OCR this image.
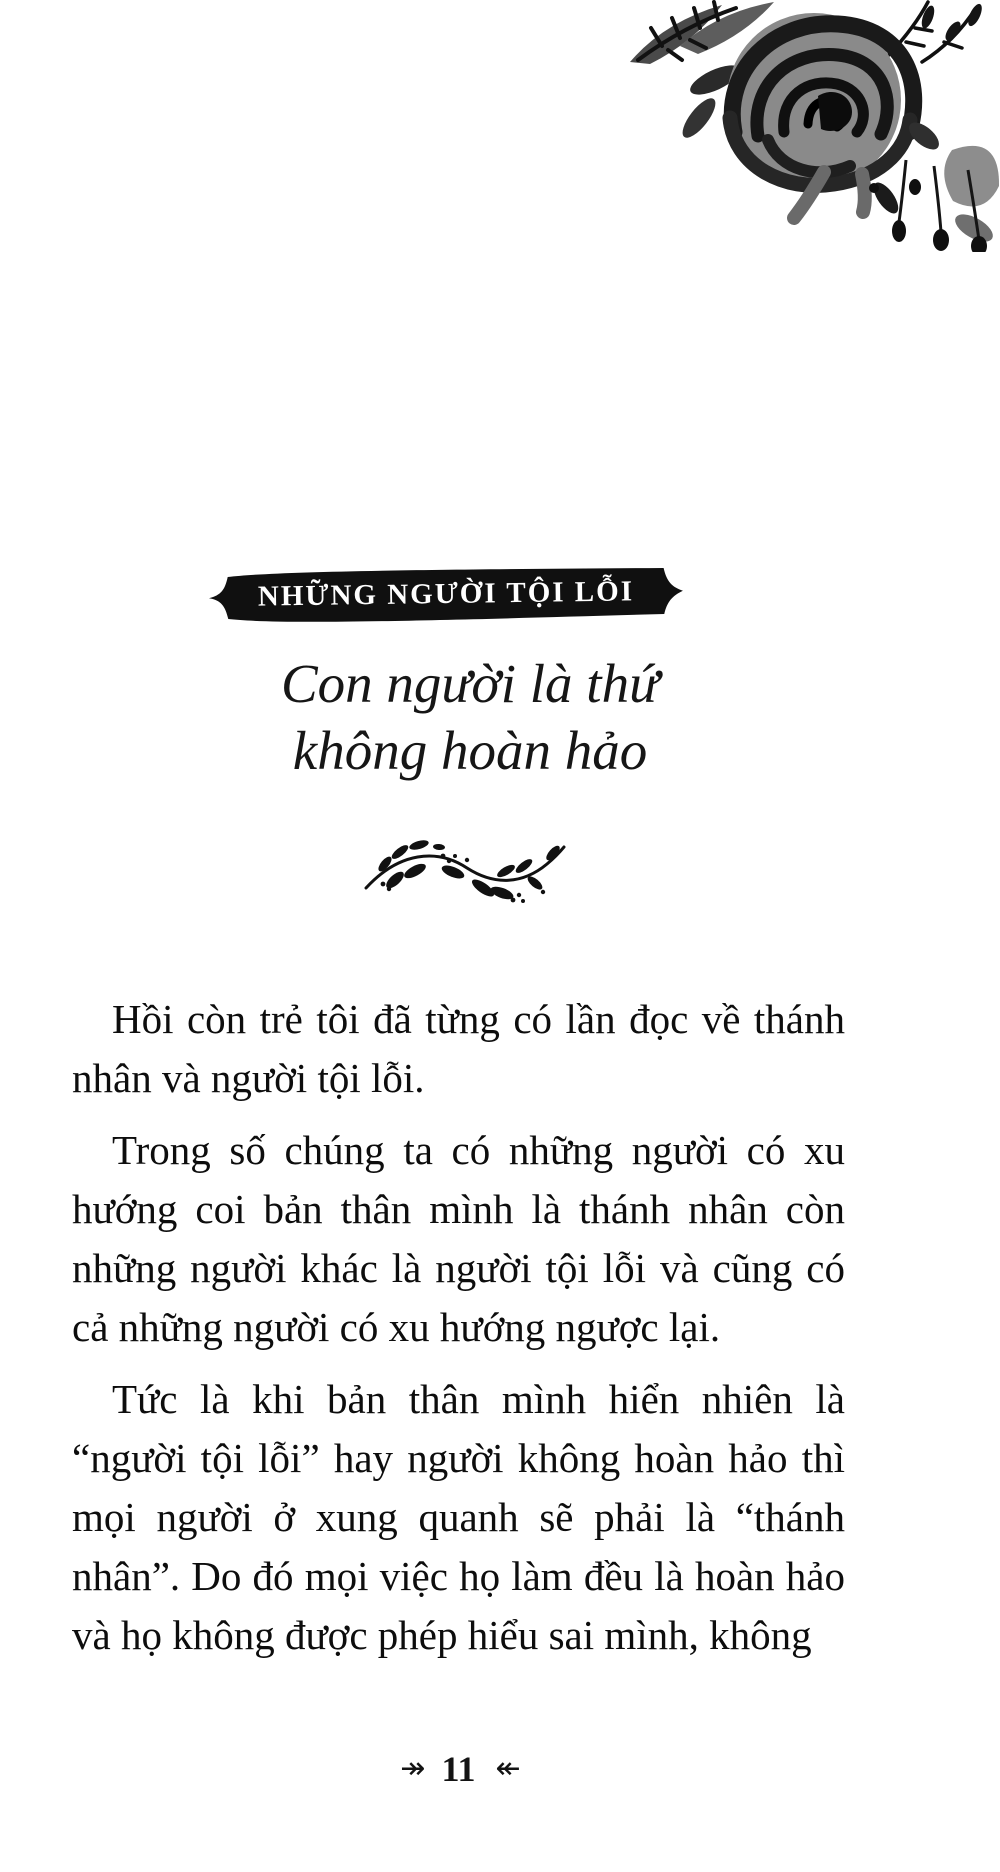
NHỮNG NGƯỜI TỘI LỖI
Con người là thứ
không hoàn hảo

Hồi còn trẻ tôi đã từng có lần đọc về thánh nhân và người tội lỗi.

Trong số chúng ta có những người có xu hướng coi bản thân mình là thánh nhân còn những người khác là người tội lỗi và cũng có cả những người có xu hướng ngược lại.

Tức là khi bản thân mình hiển nhiên là “người tội lỗi” hay người không hoàn hảo thì mọi người ở xung quanh sẽ phải là “thánh nhân”. Do đó mọi việc họ làm đều là hoàn hảo và họ không được phép hiểu sai mình, không

↠ 11 ↞
